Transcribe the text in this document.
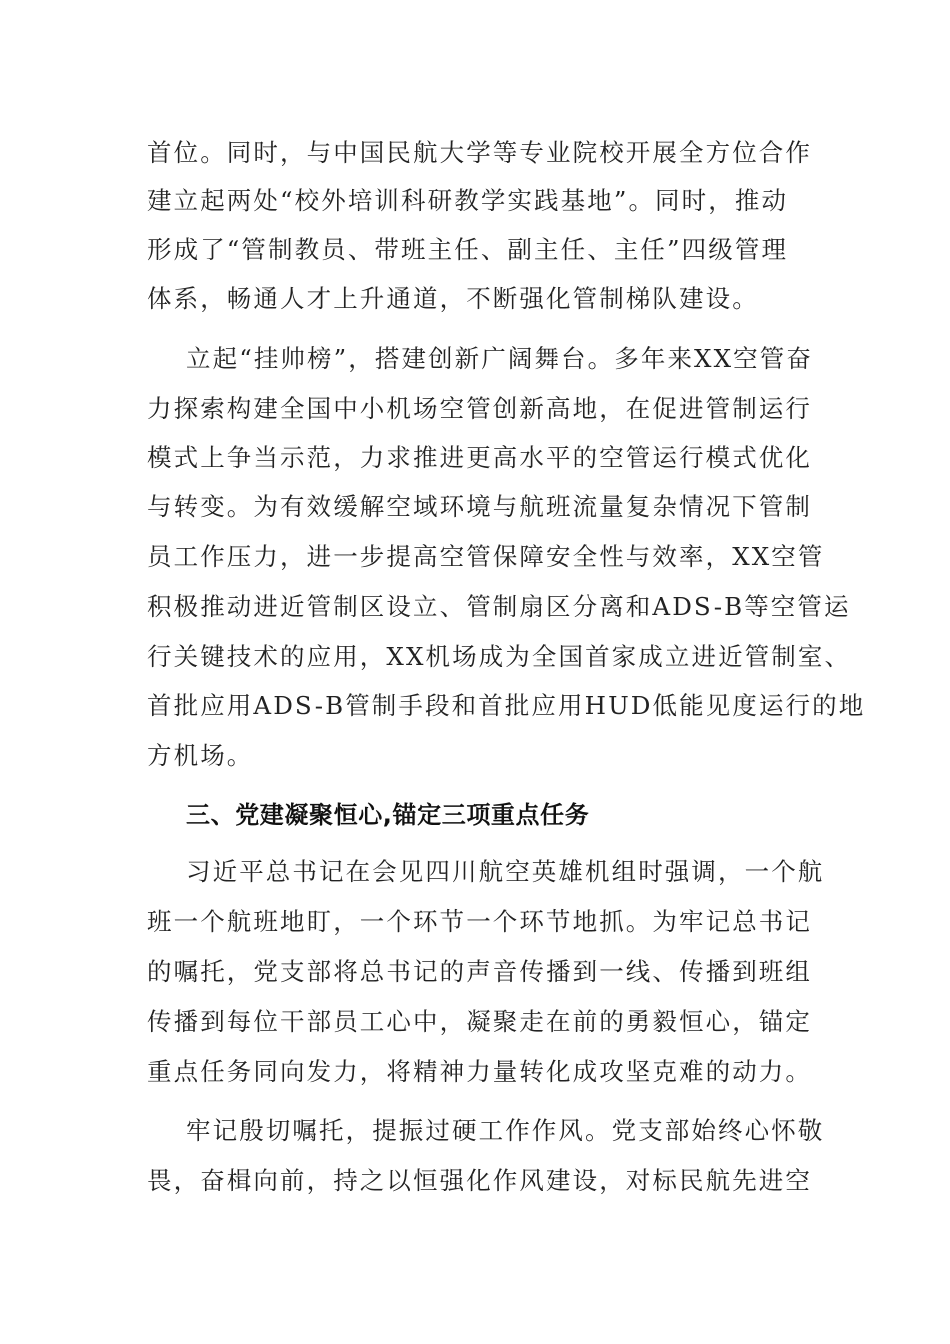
首位。同时，与中国民航大学等专业院校开展全方位合作
建立起两处“校外培训科研教学实践基地”。同时，推动
形成了“管制教员、带班主任、副主任、主任”四级管理
体系，畅通人才上升通道，不断强化管制梯队建设。
立起“挂帅榜”，搭建创新广阔舞台。多年来XX空管奋
力探索构建全国中小机场空管创新高地，在促进管制运行
模式上争当示范，力求推进更高水平的空管运行模式优化
与转变。为有效缓解空域环境与航班流量复杂情况下管制
员工作压力，进一步提高空管保障安全性与效率，XX空管
积极推动进近管制区设立、管制扇区分离和ADS-B等空管运
行关键技术的应用，XX机场成为全国首家成立进近管制室、
首批应用ADS-B管制手段和首批应用HUD低能见度运行的地
方机场。
三、党建凝聚恒心,锚定三项重点任务
习近平总书记在会见四川航空英雄机组时强调，一个航
班一个航班地盯，一个环节一个环节地抓。为牢记总书记
的嘱托，党支部将总书记的声音传播到一线、传播到班组
传播到每位干部员工心中，凝聚走在前的勇毅恒心，锚定
重点任务同向发力，将精神力量转化成攻坚克难的动力。
牢记殷切嘱托，提振过硬工作作风。党支部始终心怀敬
畏，奋楫向前，持之以恒强化作风建设，对标民航先进空
